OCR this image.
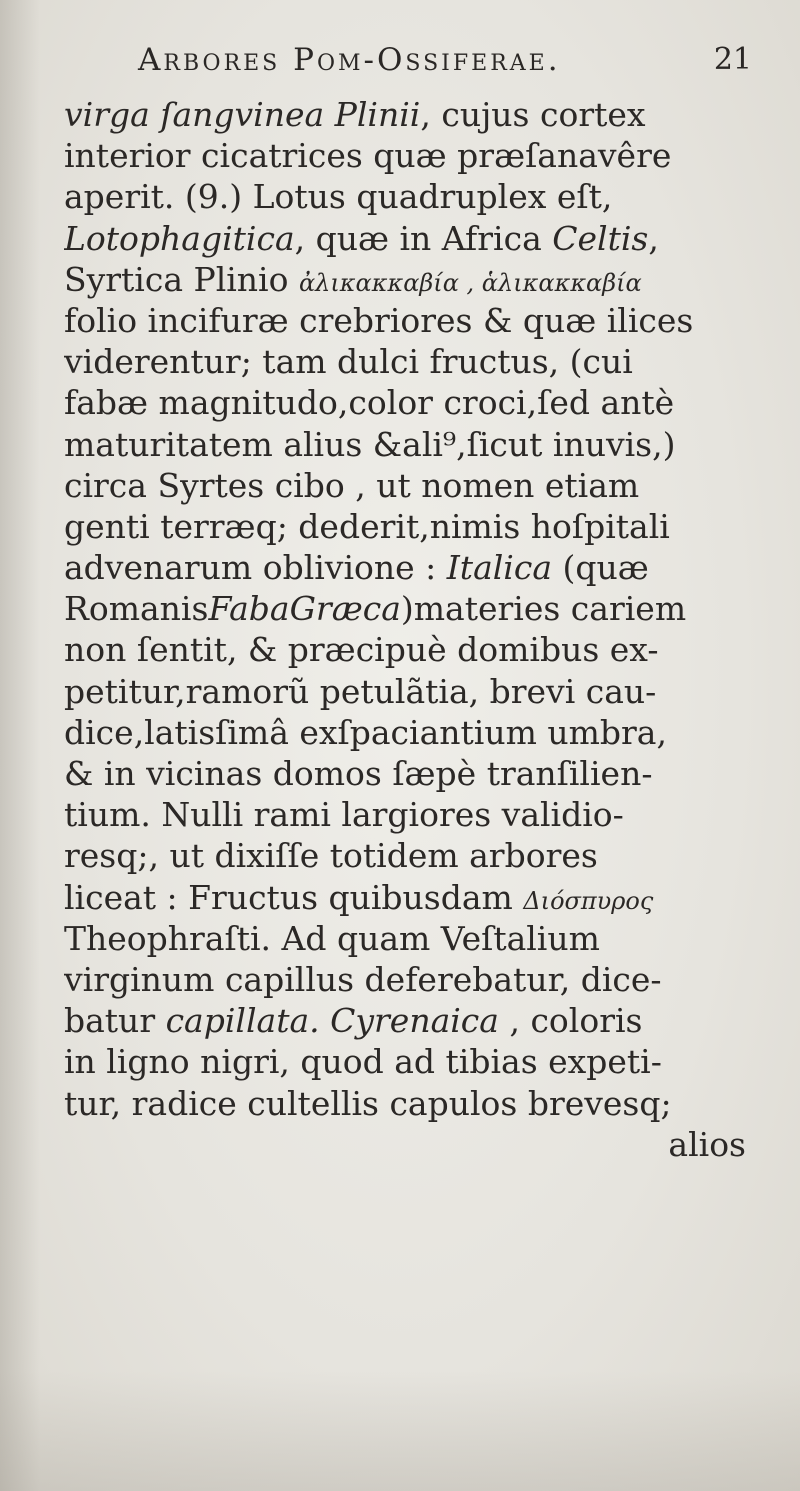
Arbores Pom-Ossiferae.	21
virga ſangvinea Plinii, cujus cortex
interior cicatrices quæ præſanavêre
aperit. (9.) Lotus quadruplex eſt,
Lotophagitica, quæ in Africa Celtis,
Syrtica Plinio ἀλικακκαβία , ἁλικακκαβία
folio incifuræ crebriores & quæ ilices
viderentur; tam dulci fructus, (cui
fabæ magnitudo,color croci,ſed antè
maturitatem alius &ali⁹,ſicut inuvis,)
circa Syrtes cibo , ut nomen etiam
genti terræq; dederit,nimis hoſpitali
advenarum oblivione : Italica (quæ
RomanisFabaGræca)materies cariem
non ſentit, & præcipuè domibus ex-
petitur,ramorũ petulãtia, brevi cau-
dice,latisſimâ exſpaciantium umbra,
& in vicinas domos ſæpè tranſilien-
tium. Nulli rami largiores validio-
resq;, ut dixiſſe totidem arbores
liceat : Fructus quibusdam Διόσπυρος
Theophraſti. Ad quam Veſtalium
virginum capillus deferebatur, dice-
batur capillata. Cyrenaica , coloris
in ligno nigri, quod ad tibias expeti-
tur, radice cultellis capulos brevesq;
alios
